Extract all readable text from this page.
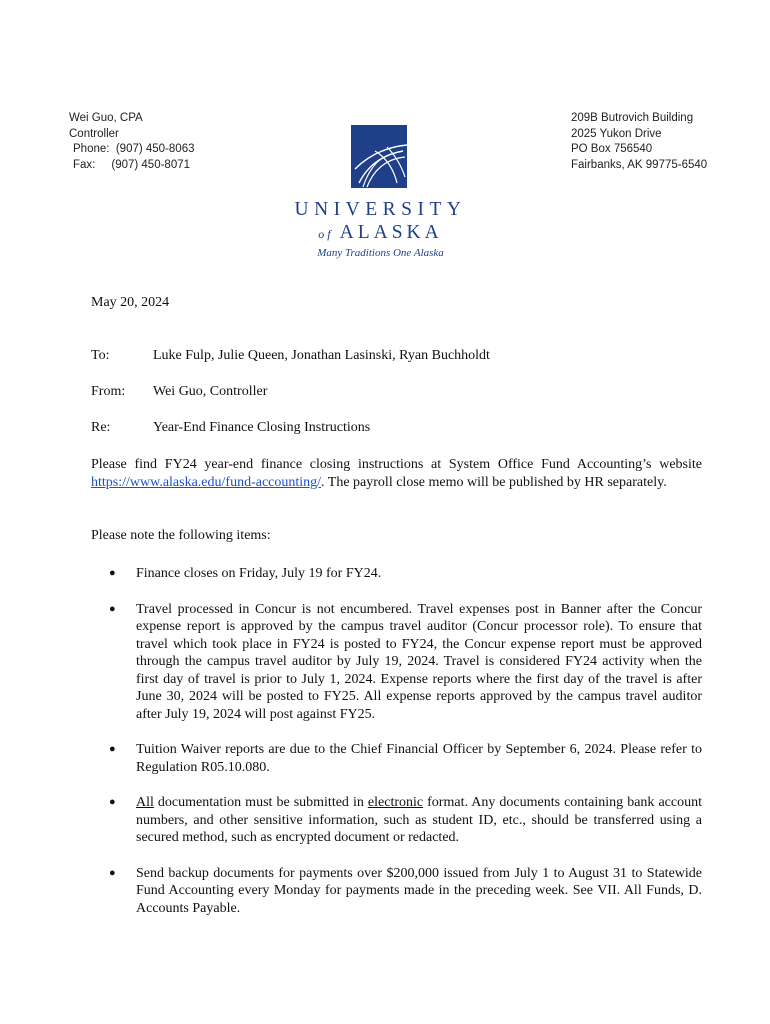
Wei Guo, CPA
Controller
Phone: (907) 450-8063
Fax: (907) 450-8071
209B Butrovich Building
2025 Yukon Drive
PO Box 756540
Fairbanks, AK 99775-6540
UNIVERSITY
of ALASKA
Many Traditions One Alaska
May 20, 2024
To:	Luke Fulp, Julie Queen, Jonathan Lasinski, Ryan Buchholdt
From: Wei Guo, Controller
Re:	Year-End Finance Closing Instructions
Please find FY24 year-end finance closing instructions at System Office Fund Accounting’s website https://www.alaska.edu/fund-accounting/. The payroll close memo will be published by HR separately.
Please note the following items:
● Finance closes on Friday, July 19 for FY24.
● Travel processed in Concur is not encumbered. Travel expenses post in Banner after the Concur expense report is approved by the campus travel auditor (Concur processor role). To ensure that travel which took place in FY24 is posted to FY24, the Concur expense report must be approved through the campus travel auditor by July 19, 2024. Travel is considered FY24 activity when the first day of travel is prior to July 1, 2024. Expense reports where the first day of the travel is after June 30, 2024 will be posted to FY25. All expense reports approved by the campus travel auditor after July 19, 2024 will post against FY25.
● Tuition Waiver reports are due to the Chief Financial Officer by September 6, 2024. Please refer to Regulation R05.10.080.
● All documentation must be submitted in electronic format. Any documents containing bank account numbers, and other sensitive information, such as student ID, etc., should be transferred using a secured method, such as encrypted document or redacted.
● Send backup documents for payments over $200,000 issued from July 1 to August 31 to Statewide Fund Accounting every Monday for payments made in the preceding week. See VII. All Funds, D. Accounts Payable.
